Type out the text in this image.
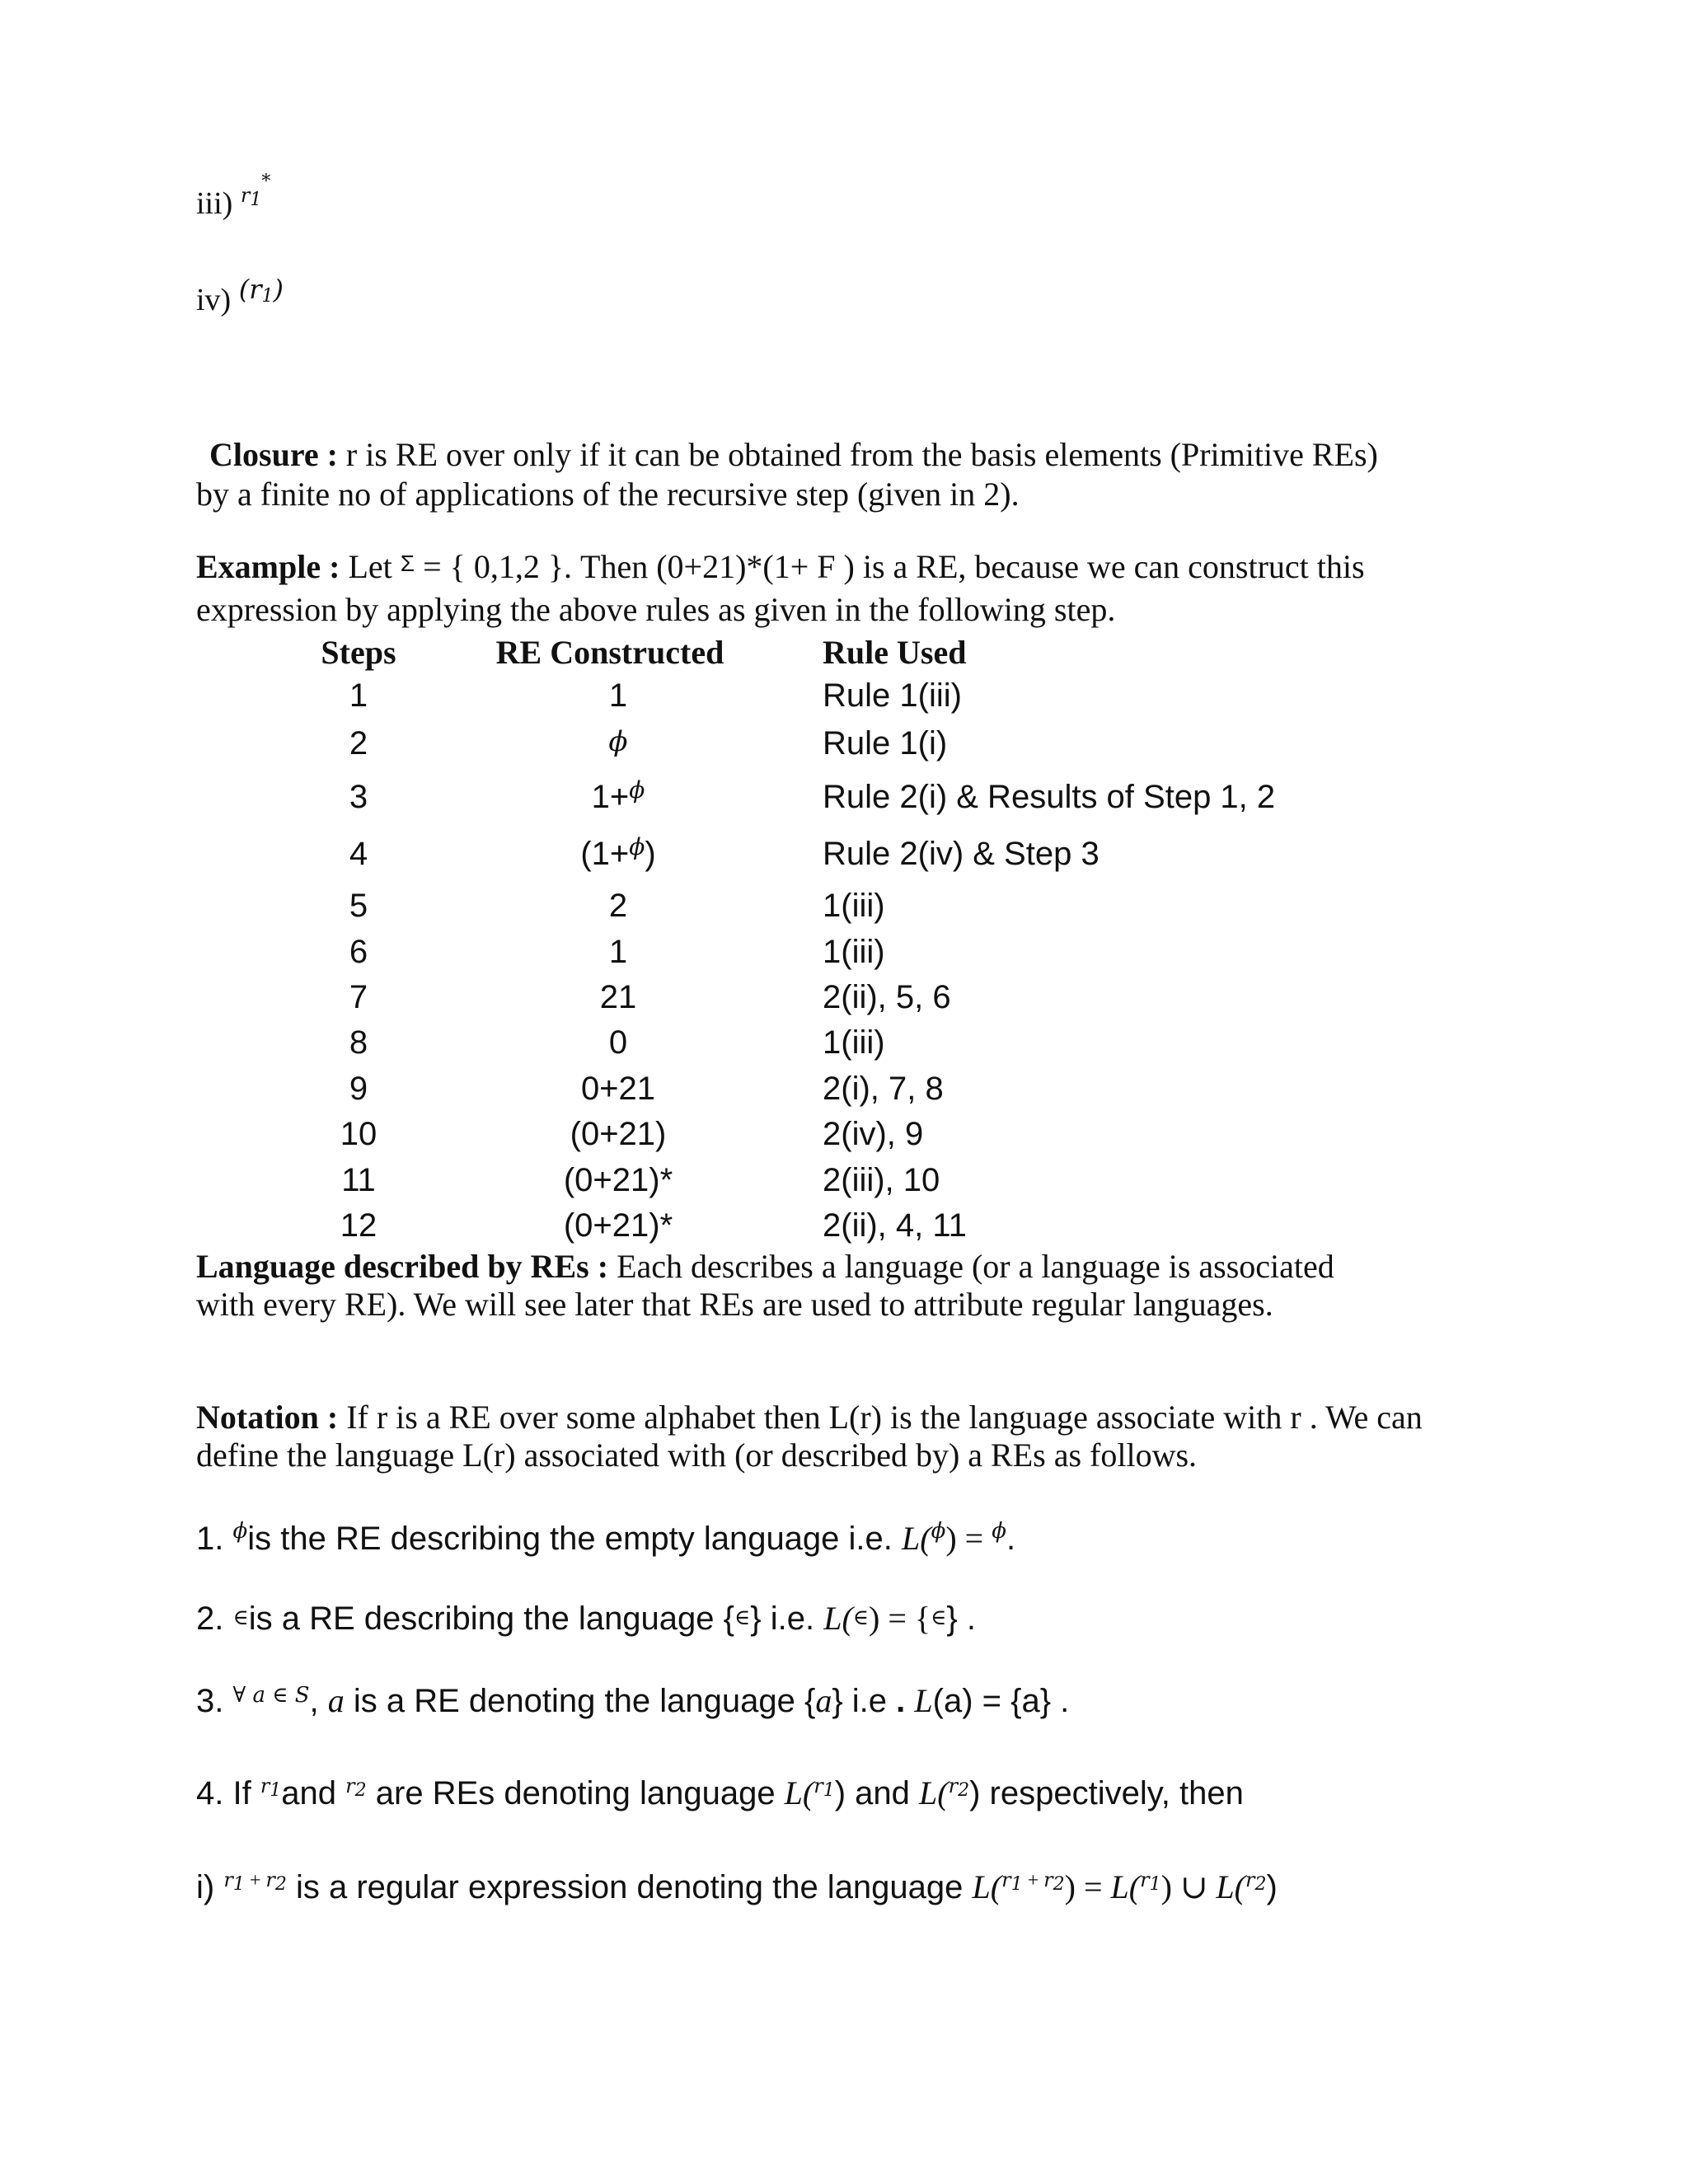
iii) $^{r1*}$
iv) $^{(r1)}$
Closure : r is RE over only if it can be obtained from the basis elements (Primitive REs)
by a finite no of applications of the recursive step (given in 2).
Example : Let $^\Sigma$ = { 0,1,2 }. Then (0+21)*(1+ F ) is a RE, because we can construct this
expression by applying the above rules as given in the following step.
Steps	RE Constructed	Rule Used
1	1	Rule 1(iii)
2	ϕ	Rule 1(i)
3	1+$^\phi$	Rule 2(i) & Results of Step 1, 2
4	(1+$^\phi$)	Rule 2(iv) & Step 3
5	2	1(iii)
6	1	1(iii)
7	21	2(ii), 5, 6
8	0	1(iii)
9	0+21	2(i), 7, 8
10	(0+21)	2(iv), 9
11	(0+21)*	2(iii), 10
12	(0+21)*	2(ii), 4, 11
Language described by REs : Each describes a language (or a language is associated
with every RE). We will see later that REs are used to attribute regular languages.
Notation : If r is a RE over some alphabet then L(r) is the language associate with r . We can
define the language L(r) associated with (or described by) a REs as follows.
1. $^\phi$is the RE describing the empty language i.e. L($^\phi$) = $^\phi$.
2. ∈is a RE describing the language {∈} i.e. L(∈) = {∈} .
3. $^{\forall a \in S}$, a is a RE denoting the language {a} i.e . L(a) = {a} .
4. If $^{r1}$and $^{r2}$ are REs denoting language L($^{r1}$) and L($^{r2}$) respectively, then
i) $^{r1 + r2}$ is a regular expression denoting the language L($^{r1 + r2}$) = L($^{r1}$) ∪ L($^{r2}$)
